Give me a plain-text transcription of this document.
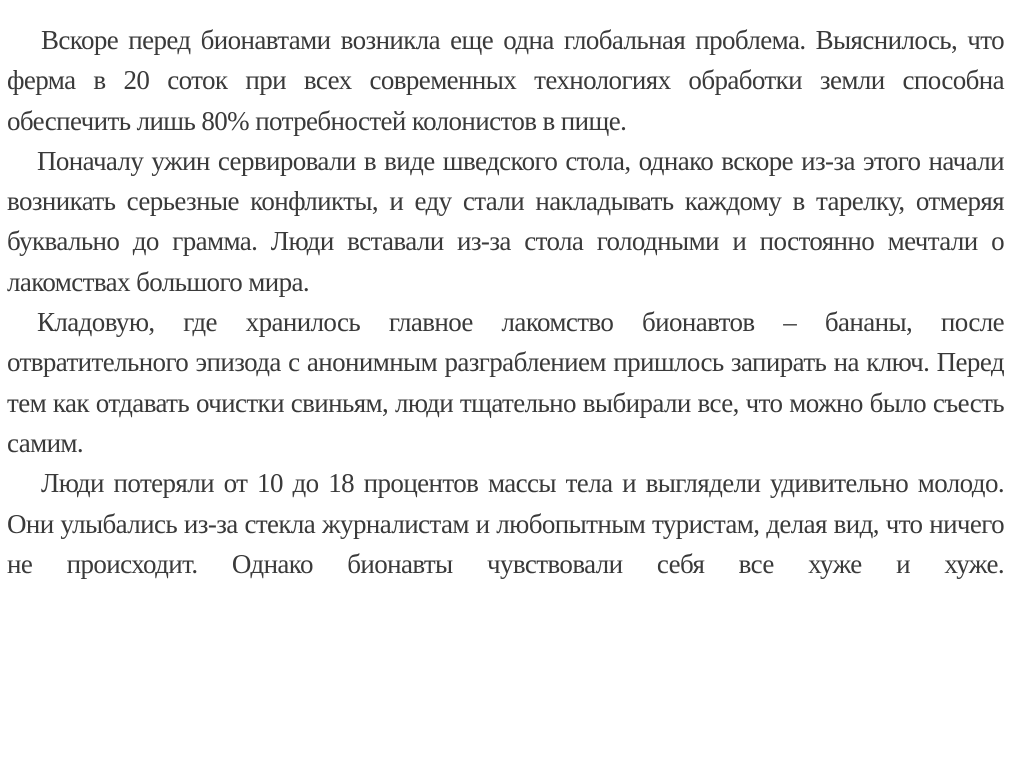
Вскоре перед бионавтами возникла еще одна глобальная проблема. Выяснилось, что ферма в 20 соток при всех современных технологиях обработки земли способна обеспечить лишь 80% потребностей колонистов в пище.

Поначалу ужин сервировали в виде шведского стола, однако вскоре из-за этого начали возникать серьезные конфликты, и еду стали накладывать каждому в тарелку, отмеряя буквально до грамма. Люди вставали из-за стола голодными и постоянно мечтали о лакомствах большого мира.

Кладовую, где хранилось главное лакомство бионавтов – бананы, после отвратительного эпизода с анонимным разграблением пришлось запирать на ключ. Перед тем как отдавать очистки свиньям, люди тщательно выбирали все, что можно было съесть самим.

Люди потеряли от 10 до 18 процентов массы тела и выглядели удивительно молодо. Они улыбались из-за стекла журналистам и любопытным туристам, делая вид, что ничего не происходит. Однако бионавты чувствовали себя все хуже и хуже.
